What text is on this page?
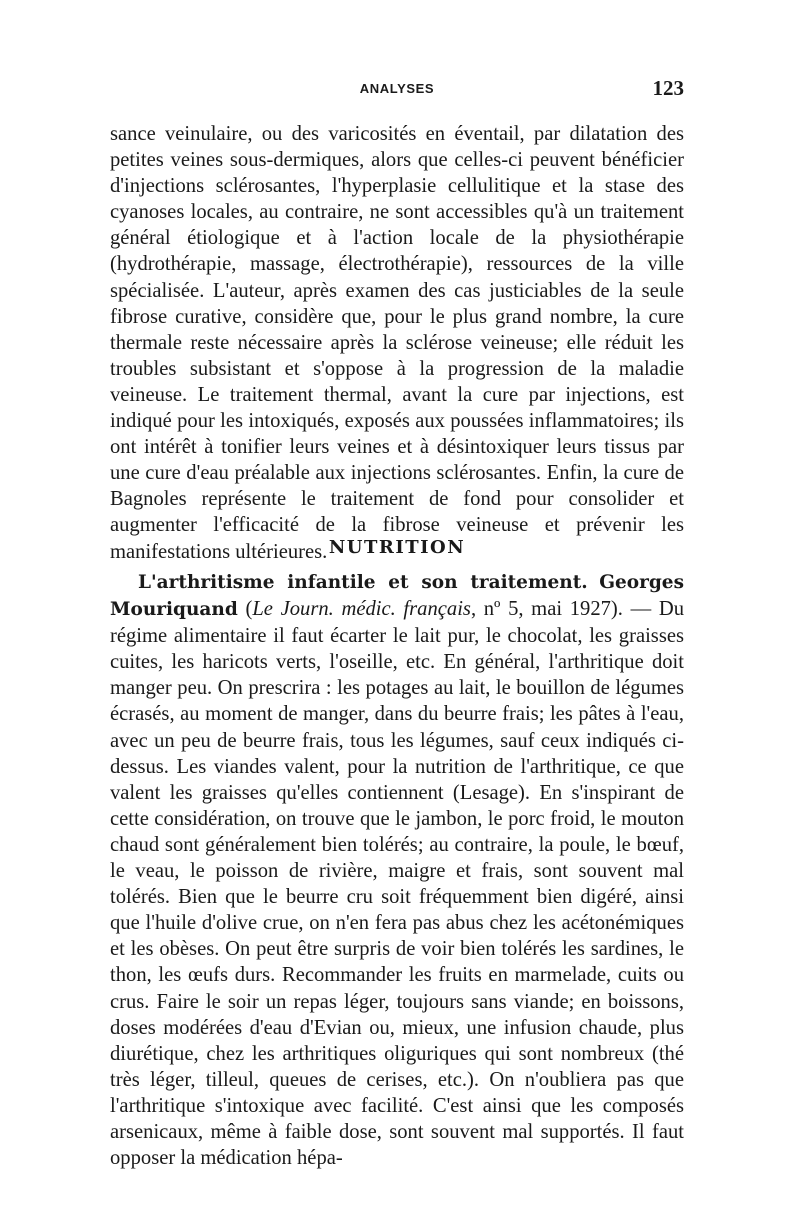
ANALYSES	123

sance veinulaire, ou des varicosités en éventail, par dilatation des petites veines sous-dermiques, alors que celles-ci peuvent bénéficier d'injections sclérosantes, l'hyperplasie cellulitique et la stase des cyanoses locales, au contraire, ne sont accessibles qu'à un traitement général étiologique et à l'action locale de la physiothérapie (hydrothérapie, massage, électrothérapie), ressources de la ville spécialisée. L'auteur, après examen des cas justiciables de la seule fibrose curative, considère que, pour le plus grand nombre, la cure thermale reste nécessaire après la sclérose veineuse; elle réduit les troubles subsistant et s'oppose à la progression de la maladie veineuse. Le traitement thermal, avant la cure par injections, est indiqué pour les intoxiqués, exposés aux poussées inflammatoires; ils ont intérêt à tonifier leurs veines et à désintoxiquer leurs tissus par une cure d'eau préalable aux injections sclérosantes. Enfin, la cure de Bagnoles représente le traitement de fond pour consolider et augmenter l'efficacité de la fibrose veineuse et prévenir les manifestations ultérieures. NUTRITION

L'arthritisme infantile et son traitement. Georges Mouriquand (Le Journ. médic. français, nº 5, mai 1927). — Du régime alimentaire il faut écarter le lait pur, le chocolat, les graisses cuites, les haricots verts, l'oseille, etc. En général, l'arthritique doit manger peu. On prescrira : les potages au lait, le bouillon de légumes écrasés, au moment de manger, dans du beurre frais; les pâtes à l'eau, avec un peu de beurre frais, tous les légumes, sauf ceux indiqués ci-dessus. Les viandes valent, pour la nutrition de l'arthritique, ce que valent les graisses qu'elles contiennent (Lesage). En s'inspirant de cette considération, on trouve que le jambon, le porc froid, le mouton chaud sont généralement bien tolérés; au contraire, la poule, le bœuf, le veau, le poisson de rivière, maigre et frais, sont souvent mal tolérés. Bien que le beurre cru soit fréquemment bien digéré, ainsi que l'huile d'olive crue, on n'en fera pas abus chez les acétonémiques et les obèses. On peut être surpris de voir bien tolérés les sardines, le thon, les œufs durs. Recommander les fruits en marmelade, cuits ou crus. Faire le soir un repas léger, toujours sans viande; en boissons, doses modérées d'eau d'Evian ou, mieux, une infusion chaude, plus diurétique, chez les arthritiques oliguriques qui sont nombreux (thé très léger, tilleul, queues de cerises, etc.). On n'oubliera pas que l'arthritique s'intoxique avec facilité. C'est ainsi que les composés arsenicaux, même à faible dose, sont souvent mal supportés. Il faut opposer la médication hépa-
